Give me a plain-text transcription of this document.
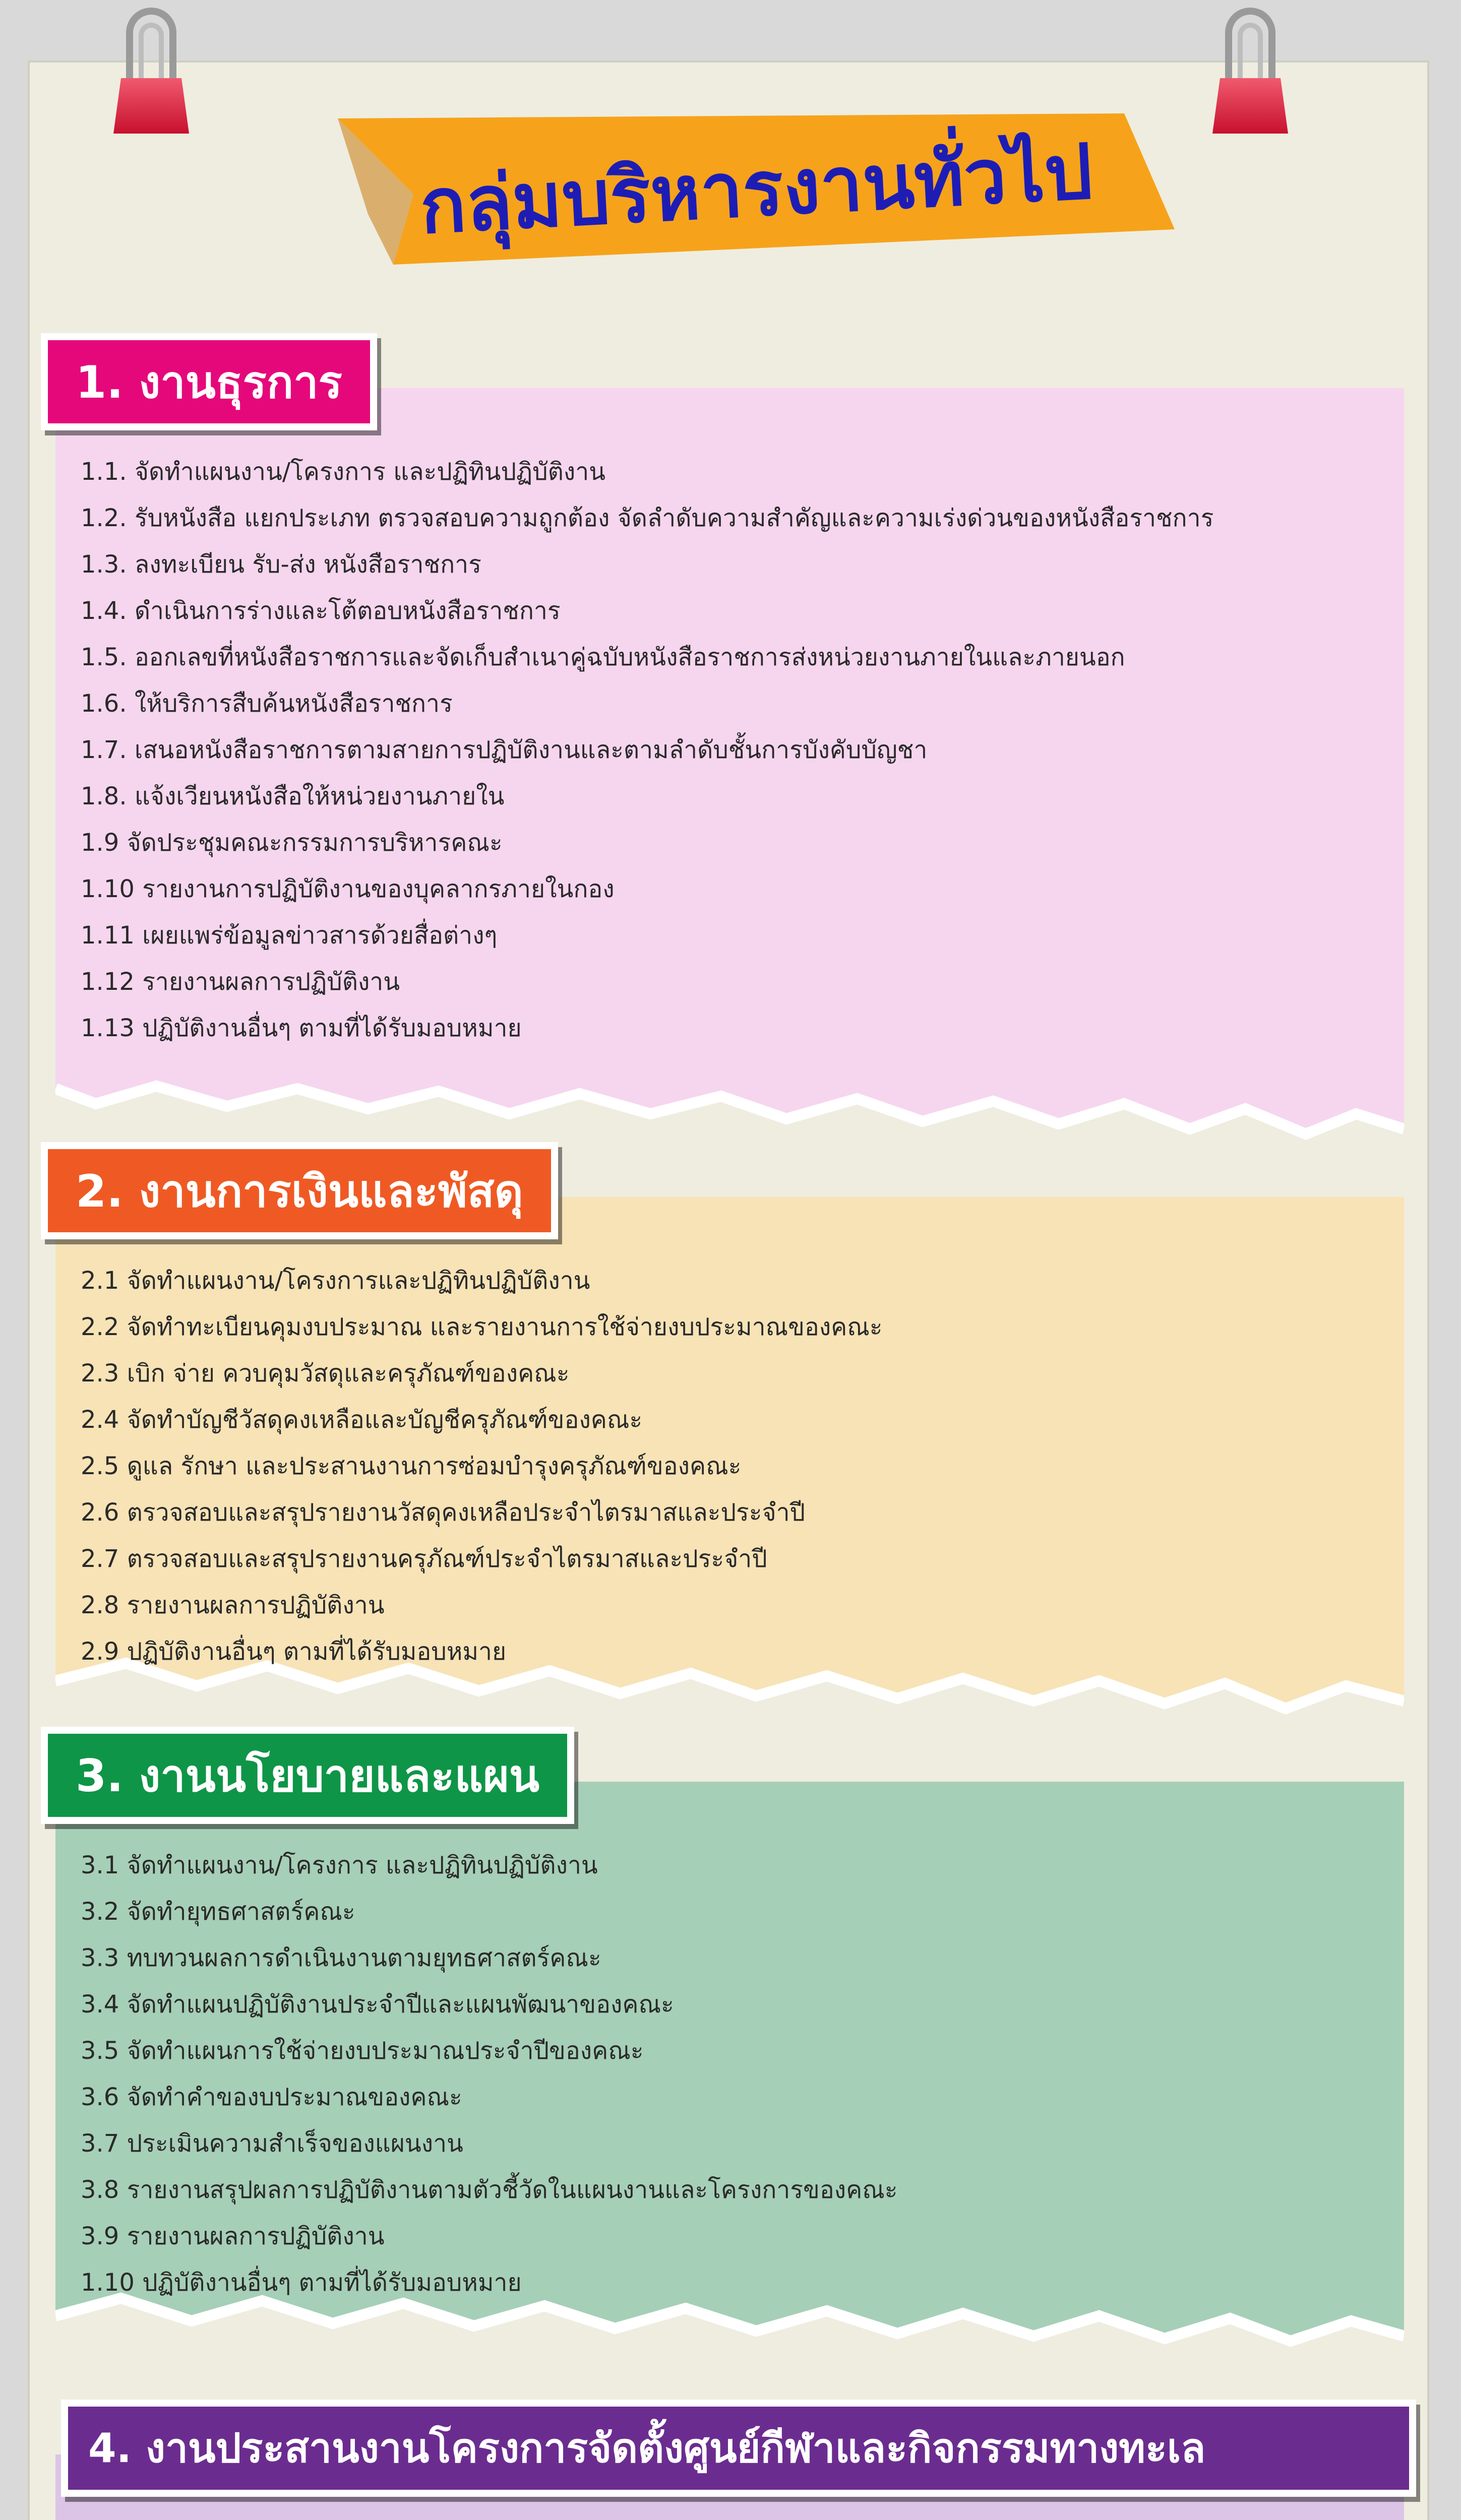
กลุ่มบริหารงานทั่วไป
1. งานธุรการ
1.1. จัดทำแผนงาน/โครงการ และปฏิทินปฏิบัติงาน
1.2. รับหนังสือ แยกประเภท ตรวจสอบความถูกต้อง จัดลำดับความสำคัญและความเร่งด่วนของหนังสือราชการ
1.3. ลงทะเบียน รับ-ส่ง หนังสือราชการ
1.4. ดำเนินการร่างและโต้ตอบหนังสือราชการ
1.5. ออกเลขที่หนังสือราชการและจัดเก็บสำเนาคู่ฉบับหนังสือราชการส่งหน่วยงานภายในและภายนอก
1.6. ให้บริการสืบค้นหนังสือราชการ
1.7. เสนอหนังสือราชการตามสายการปฏิบัติงานและตามลำดับชั้นการบังคับบัญชา
1.8. แจ้งเวียนหนังสือให้หน่วยงานภายใน
1.9 จัดประชุมคณะกรรมการบริหารคณะ
1.10 รายงานการปฏิบัติงานของบุคลากรภายในกอง
1.11 เผยแพร่ข้อมูลข่าวสารด้วยสื่อต่างๆ
1.12 รายงานผลการปฏิบัติงาน
1.13 ปฏิบัติงานอื่นๆ ตามที่ได้รับมอบหมาย
2. งานการเงินและพัสดุ
2.1 จัดทำแผนงาน/โครงการและปฏิทินปฏิบัติงาน
2.2 จัดทำทะเบียนคุมงบประมาณ และรายงานการใช้จ่ายงบประมาณของคณะ
2.3 เบิก จ่าย ควบคุมวัสดุและครุภัณฑ์ของคณะ
2.4 จัดทำบัญชีวัสดุคงเหลือและบัญชีครุภัณฑ์ของคณะ
2.5 ดูแล รักษา และประสานงานการซ่อมบำรุงครุภัณฑ์ของคณะ
2.6 ตรวจสอบและสรุปรายงานวัสดุคงเหลือประจำไตรมาสและประจำปี
2.7 ตรวจสอบและสรุปรายงานครุภัณฑ์ประจำไตรมาสและประจำปี
2.8 รายงานผลการปฏิบัติงาน
2.9 ปฏิบัติงานอื่นๆ ตามที่ได้รับมอบหมาย
3. งานนโยบายและแผน
3.1 จัดทำแผนงาน/โครงการ และปฏิทินปฏิบัติงาน
3.2 จัดทำยุทธศาสตร์คณะ
3.3 ทบทวนผลการดำเนินงานตามยุทธศาสตร์คณะ
3.4 จัดทำแผนปฏิบัติงานประจำปีและแผนพัฒนาของคณะ
3.5 จัดทำแผนการใช้จ่ายงบประมาณประจำปีของคณะ
3.6 จัดทำคำของบประมาณของคณะ
3.7 ประเมินความสำเร็จของแผนงาน
3.8 รายงานสรุปผลการปฏิบัติงานตามตัวชี้วัดในแผนงานและโครงการของคณะ
3.9 รายงานผลการปฏิบัติงาน
1.10 ปฏิบัติงานอื่นๆ ตามที่ได้รับมอบหมาย
4. งานประสานงานโครงการจัดตั้งศูนย์กีฬาและกิจกรรมทางทะเล
